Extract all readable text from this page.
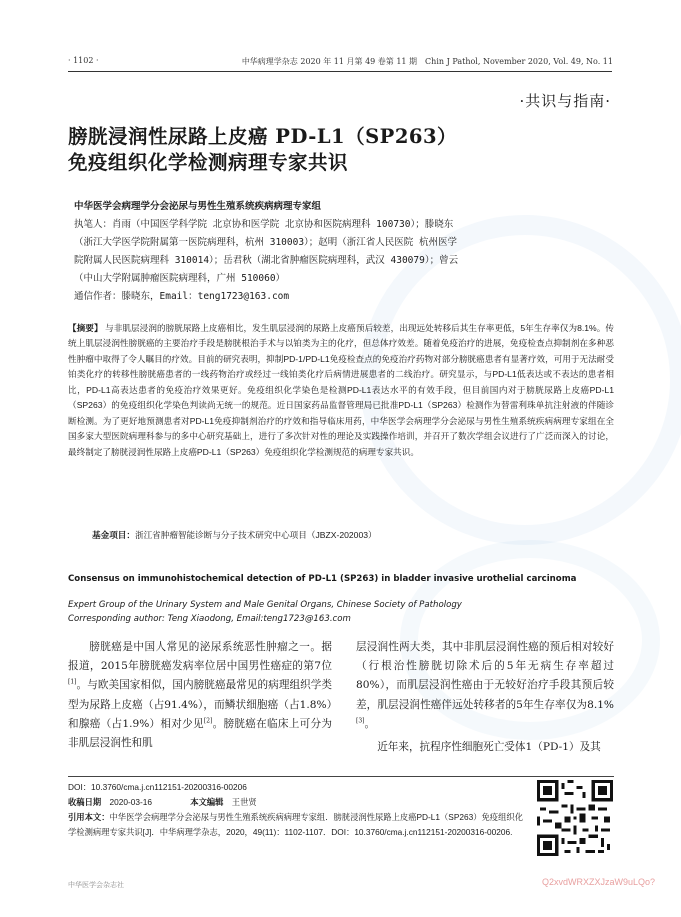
· 1102 ·	中华病理学杂志 2020 年 11 月第 49 卷第 11 期　Chin J Pathol, November 2020, Vol. 49, No. 11
·共识与指南·
膀胱浸润性尿路上皮癌 PD-L1（SP263）
免疫组织化学检测病理专家共识
中华医学会病理学分会泌尿与男性生殖系统疾病病理专家组
执笔人：肖雨（中国医学科学院 北京协和医学院 北京协和医院病理科 100730）；滕晓东
（浙江大学医学院附属第一医院病理科，杭州 310003）；赵明（浙江省人民医院 杭州医学
院附属人民医院病理科 310014）；岳君秋（湖北省肿瘤医院病理科，武汉 430079）；曾云
（中山大学附属肿瘤医院病理科，广州 510060）
通信作者：滕晓东，Email：teng1723@163.com
【摘要】 与非肌层浸润的膀胱尿路上皮癌相比，发生肌层浸润的尿路上皮癌预后较差，出现远处转移后其生存率更低，5年生存率仅为8.1%。传统上肌层浸润性膀胱癌的主要治疗手段是膀胱根治手术与以铂类为主的化疗，但总体疗效差。随着免疫治疗的进展，免疫检查点抑制剂在多种恶性肿瘤中取得了令人瞩目的疗效。目前的研究表明，抑制PD-1/PD-L1免疫检查点的免疫治疗药物对部分膀胱癌患者有显著疗效，可用于无法耐受铂类化疗的转移性膀胱癌患者的一线药物治疗或经过一线铂类化疗后病情进展患者的二线治疗。研究显示，与PD-L1低表达或不表达的患者相比，PD-L1高表达患者的免疫治疗效果更好。免疫组织化学染色是检测PD-L1表达水平的有效手段，但目前国内对于膀胱尿路上皮癌PD-L1（SP263）的免疫组织化学染色判读尚无统一的规范。近日国家药品监督管理局已批准PD-L1（SP263）检测作为替雷利珠单抗注射液的伴随诊断检测。为了更好地预测患者对PD-L1免疫抑制剂治疗的疗效和指导临床用药，中华医学会病理学分会泌尿与男性生殖系统疾病病理专家组在全国多家大型医院病理科参与的多中心研究基础上，进行了多次针对性的理论及实践操作培训，并召开了数次学组会议进行了广泛而深入的讨论，最终制定了膀胱浸润性尿路上皮癌PD-L1（SP263）免疫组织化学检测规范的病理专家共识。
基金项目：浙江省肿瘤智能诊断与分子技术研究中心项目（JBZX-202003）
Consensus on immunohistochemical detection of PD-L1 (SP263) in bladder invasive urothelial carcinoma
Expert Group of the Urinary System and Male Genital Organs, Chinese Society of Pathology
Corresponding author: Teng Xiaodong, Email:teng1723@163.com
膀胱癌是中国人常见的泌尿系统恶性肿瘤之一。据报道，2015年膀胱癌发病率位居中国男性癌症的第7位[1]。与欧美国家相似，国内膀胱癌最常见的病理组织学类型为尿路上皮癌（占91.4%），而鳞状细胞癌（占1.8%）和腺癌（占1.9%）相对少见[2]。膀胱癌在临床上可分为非肌层浸润性和肌
层浸润性两大类，其中非肌层浸润性癌的预后相对较好（行根治性膀胱切除术后的5年无病生存率超过80%），而肌层浸润性癌由于无较好治疗手段其预后较差，肌层浸润性癌伴远处转移者的5年生存率仅为8.1%[3]。
近年来，抗程序性细胞死亡受体1（PD-1）及其
DOI：10.3760/cma.j.cn112151-20200316-00206
收稿日期 2020-03-16	本文编辑 王世贤
引用本文：中华医学会病理学分会泌尿与男性生殖系统疾病病理专家组．膀胱浸润性尿路上皮癌PD-L1（SP263）免疫组织化学检测病理专家共识[J]．中华病理学杂志，2020，49(11)：1102-1107．DOI：10.3760/cma.j.cn112151-20200316-00206.
中华医学会杂志社	Q2xvdWRXZXJzaW9uLQo?
